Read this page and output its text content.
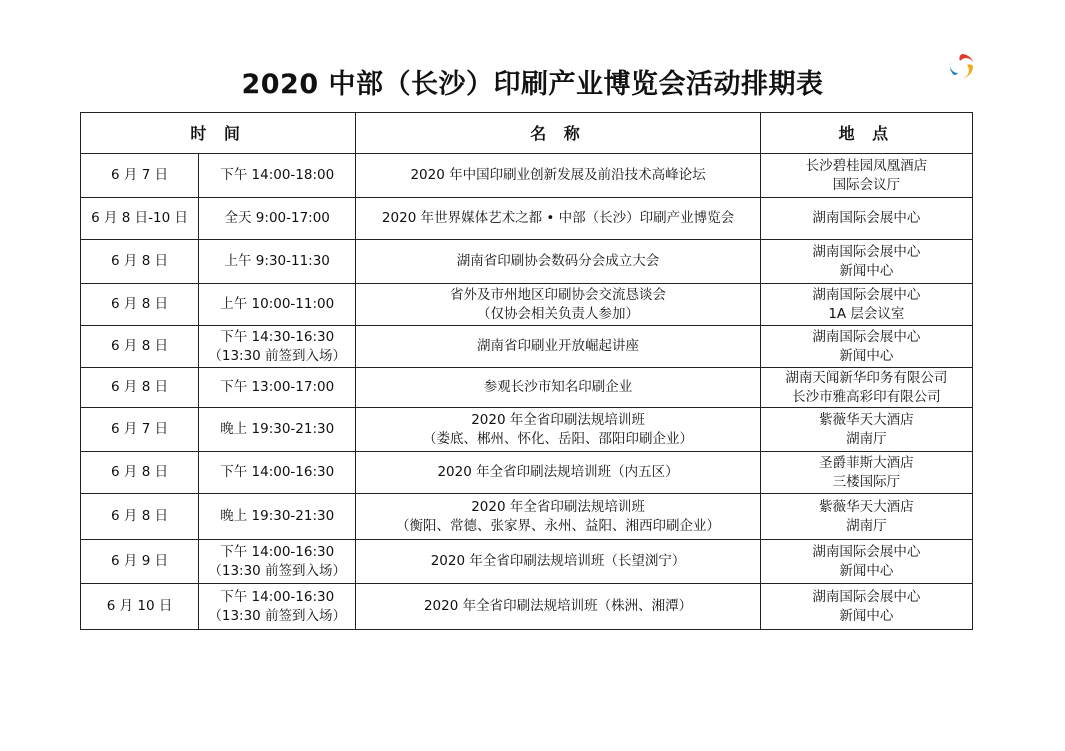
2020 中部（长沙）印刷产业博览会活动排期表
时 间		名 称	地 点
6 月 7 日	下午 14:00-18:00	2020 年中国印刷业创新发展及前沿技术高峰论坛	长沙碧桂园凤凰酒店
国际会议厅

6 月 8 日-10 日	全天 9:00-17:00	2020 年世界媒体艺术之都 • 中部（长沙）印刷产业博览会	湖南国际会展中心

6 月 8 日	上午 9:30-11:30	湖南省印刷协会数码分会成立大会	湖南国际会展中心
新闻中心

6 月 8 日	上午 10:00-11:00	省外及市州地区印刷协会交流恳谈会
（仅协会相关负责人参加）	湖南国际会展中心
1A 层会议室

6 月 8 日	下午 14:30-16:30
（13:30 前签到入场）	湖南省印刷业开放崛起讲座	湖南国际会展中心
新闻中心

6 月 8 日	下午 13:00-17:00	参观长沙市知名印刷企业	湖南天闻新华印务有限公司
长沙市雅高彩印有限公司

6 月 7 日	晚上 19:30-21:30	2020 年全省印刷法规培训班
（娄底、郴州、怀化、岳阳、邵阳印刷企业）	紫薇华天大酒店
湖南厅

6 月 8 日	下午 14:00-16:30	2020 年全省印刷法规培训班（内五区）	圣爵菲斯大酒店
三楼国际厅

6 月 8 日	晚上 19:30-21:30	2020 年全省印刷法规培训班
（衡阳、常德、张家界、永州、益阳、湘西印刷企业）	紫薇华天大酒店
湖南厅

6 月 9 日	下午 14:00-16:30
（13:30 前签到入场）	2020 年全省印刷法规培训班（长望浏宁）	湖南国际会展中心
新闻中心

6 月 10 日	下午 14:00-16:30
（13:30 前签到入场）	2020 年全省印刷法规培训班（株洲、湘潭）	湖南国际会展中心
新闻中心
